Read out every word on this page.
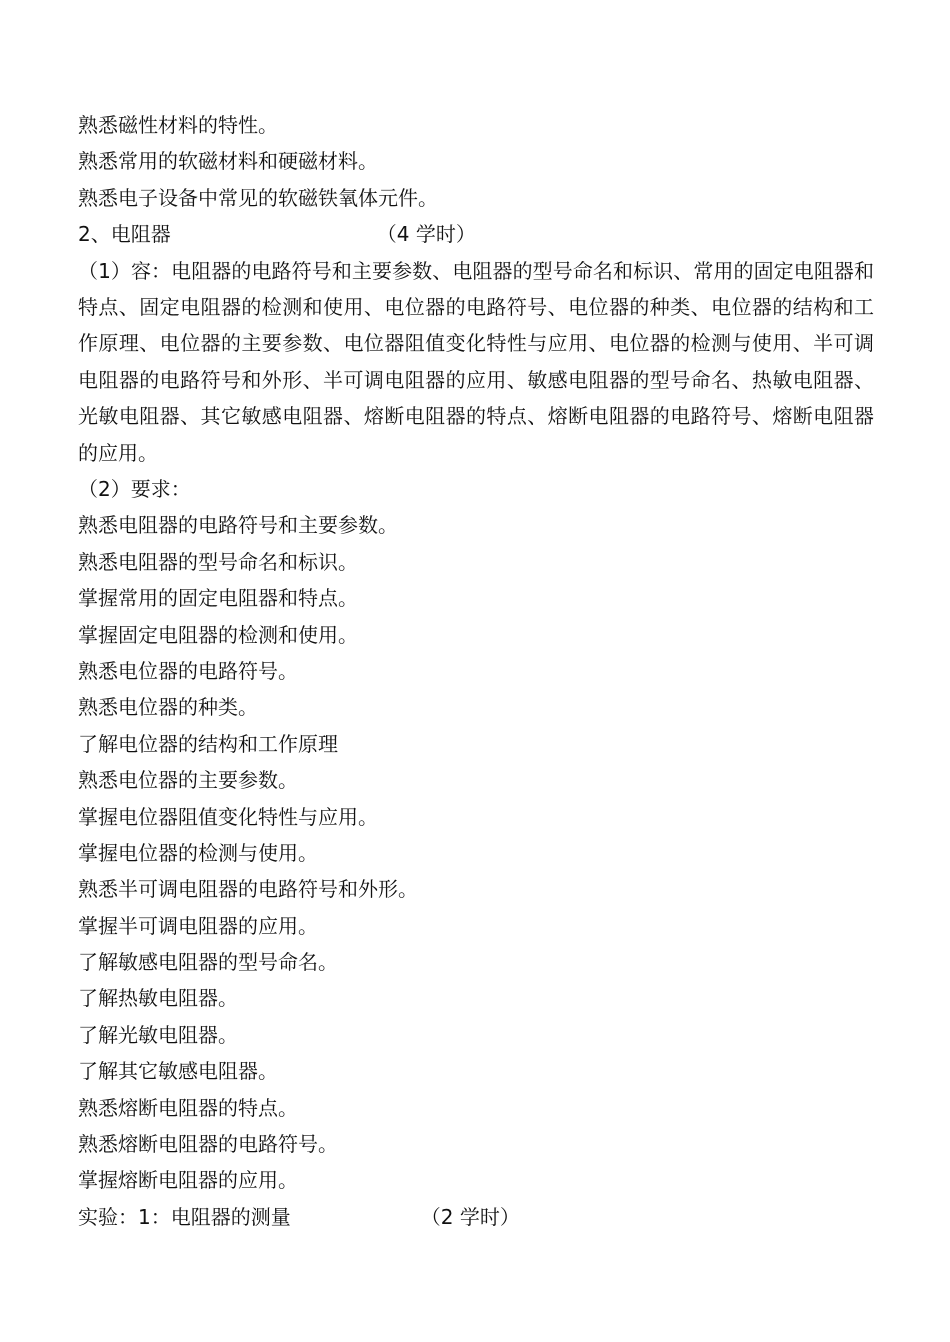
熟悉磁性材料的特性。
熟悉常用的软磁材料和硬磁材料。
熟悉电子设备中常见的软磁铁氧体元件。
2、电阻器	（4 学时）
（1）容：电阻器的电路符号和主要参数、电阻器的型号命名和标识、常用的固定电阻器和特点、固定电阻器的检测和使用、电位器的电路符号、电位器的种类、电位器的结构和工作原理、电位器的主要参数、电位器阻值变化特性与应用、电位器的检测与使用、半可调电阻器的电路符号和外形、半可调电阻器的应用、敏感电阻器的型号命名、热敏电阻器、光敏电阻器、其它敏感电阻器、熔断电阻器的特点、熔断电阻器的电路符号、熔断电阻器的应用。
（2）要求：
熟悉电阻器的电路符号和主要参数。
熟悉电阻器的型号命名和标识。
掌握常用的固定电阻器和特点。
掌握固定电阻器的检测和使用。
熟悉电位器的电路符号。
熟悉电位器的种类。
了解电位器的结构和工作原理
熟悉电位器的主要参数。
掌握电位器阻值变化特性与应用。
掌握电位器的检测与使用。
熟悉半可调电阻器的电路符号和外形。
掌握半可调电阻器的应用。
了解敏感电阻器的型号命名。
了解热敏电阻器。
了解光敏电阻器。
了解其它敏感电阻器。
熟悉熔断电阻器的特点。
熟悉熔断电阻器的电路符号。
掌握熔断电阻器的应用。
实验：1：电阻器的测量	（2 学时）
